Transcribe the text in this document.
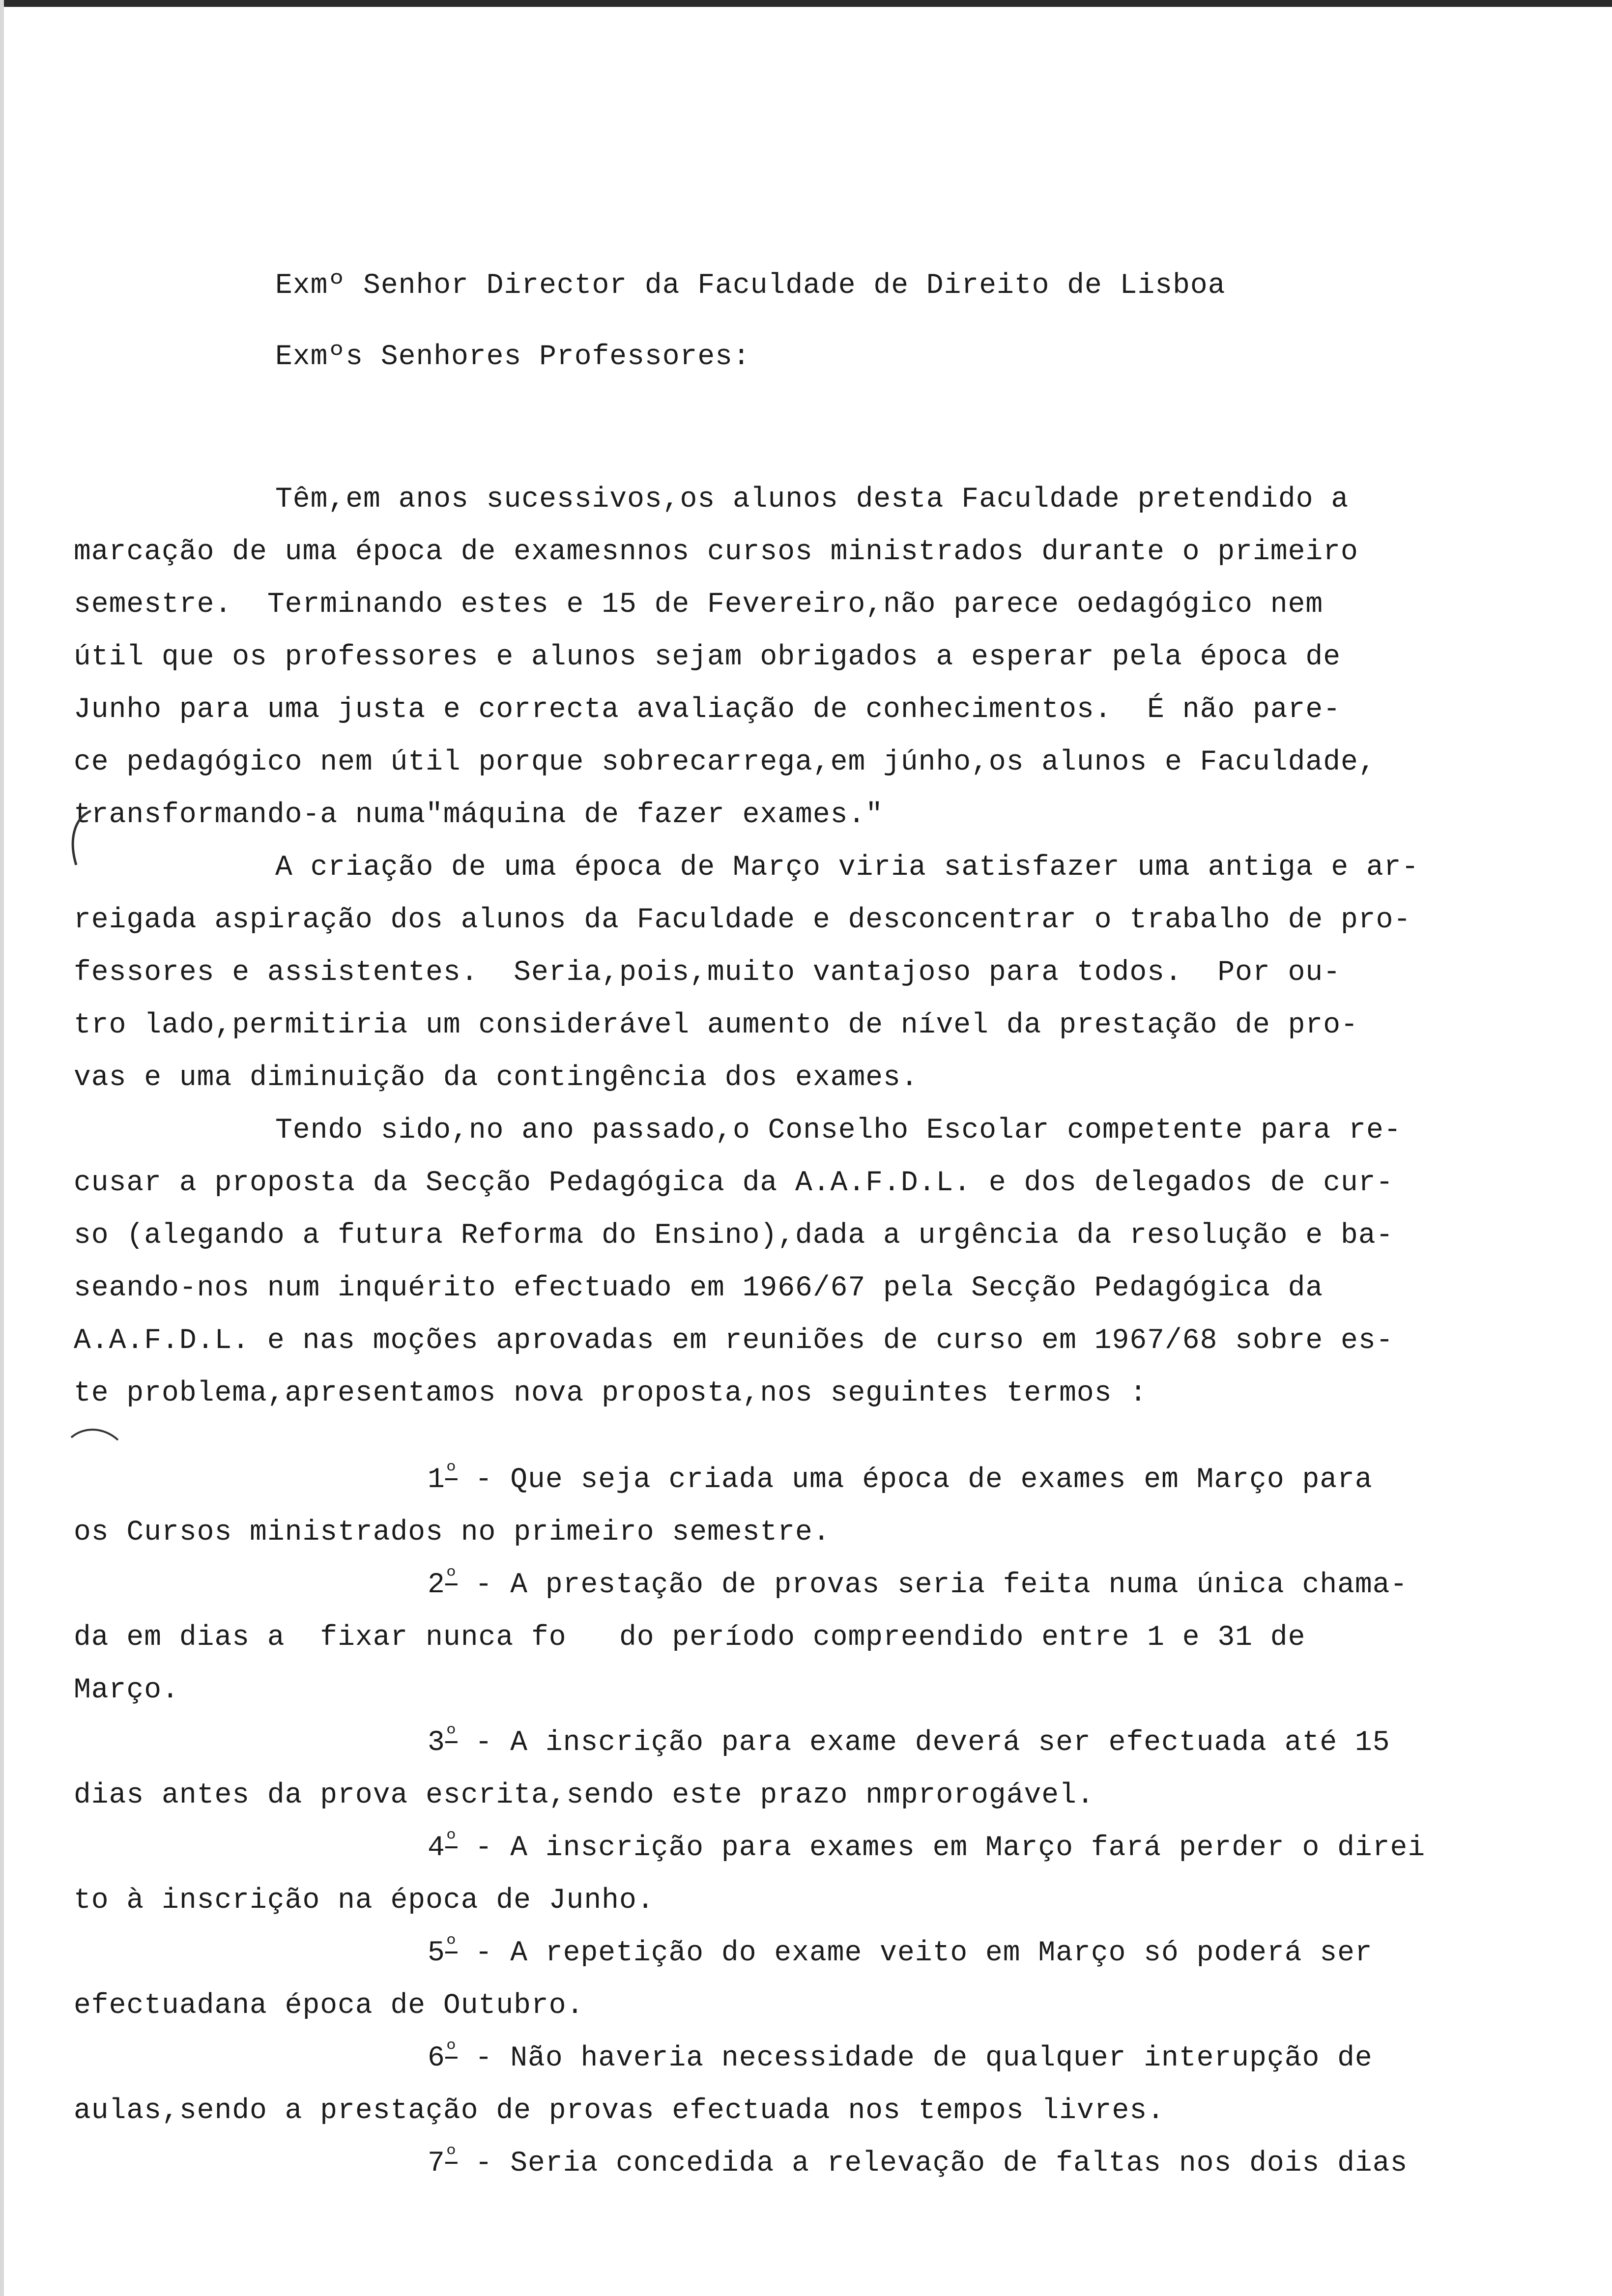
Exmº Senhor Director da Faculdade de Direito de Lisboa
Exmºs Senhores Professores:
Têm,em anos sucessivos,os alunos desta Faculdade pretendido a
marcação de uma época de examesnnos cursos ministrados durante o primeiro
semestre.  Terminando estes e 15 de Fevereiro,não parece oedagógico nem
útil que os professores e alunos sejam obrigados a esperar pela época de
Junho para uma justa e correcta avaliação de conhecimentos.  É não pare-
ce pedagógico nem útil porque sobrecarrega,em júnho,os alunos e Faculdade,
transformando-a numa"máquina de fazer exames."
A criação de uma época de Março viria satisfazer uma antiga e ar-
reigada aspiração dos alunos da Faculdade e desconcentrar o trabalho de pro-
fessores e assistentes.  Seria,pois,muito vantajoso para todos.  Por ou-
tro lado,permitiria um considerável aumento de nível da prestação de pro-
vas e uma diminuição da contingência dos exames.
Tendo sido,no ano passado,o Conselho Escolar competente para re-
cusar a proposta da Secção Pedagógica da A.A.F.D.L. e dos delegados de cur-
so (alegando a futura Reforma do Ensino),dada a urgência da resolução e ba-
seando-nos num inquérito efectuado em 1966/67 pela Secção Pedagógica da
A.A.F.D.L. e nas moções aprovadas em reuniões de curso em 1967/68 sobre es-
te problema,apresentamos nova proposta,nos seguintes termos :
$1^º$ - Que seja criada uma época de exames em Março para
os Cursos ministrados no primeiro semestre.
$2^º$ - A prestação de provas seria feita numa única chama-
da em dias a  fixar nunca fo   do período compreendido entre 1 e 31 de
Março.
$3^º$ - A inscrição para exame deverá ser efectuada até 15
dias antes da prova escrita,sendo este prazo nmprorogável.
$4^º$ - A inscrição para exames em Março fará perder o direi
to à inscrição na época de Junho.
$5^º$ - A repetição do exame veito em Março só poderá ser
efectuadana época de Outubro.
$6^º$ - Não haveria necessidade de qualquer interupção de
aulas,sendo a prestação de provas efectuada nos tempos livres.
$7^º$ - Seria concedida a relevação de faltas nos dois dias
